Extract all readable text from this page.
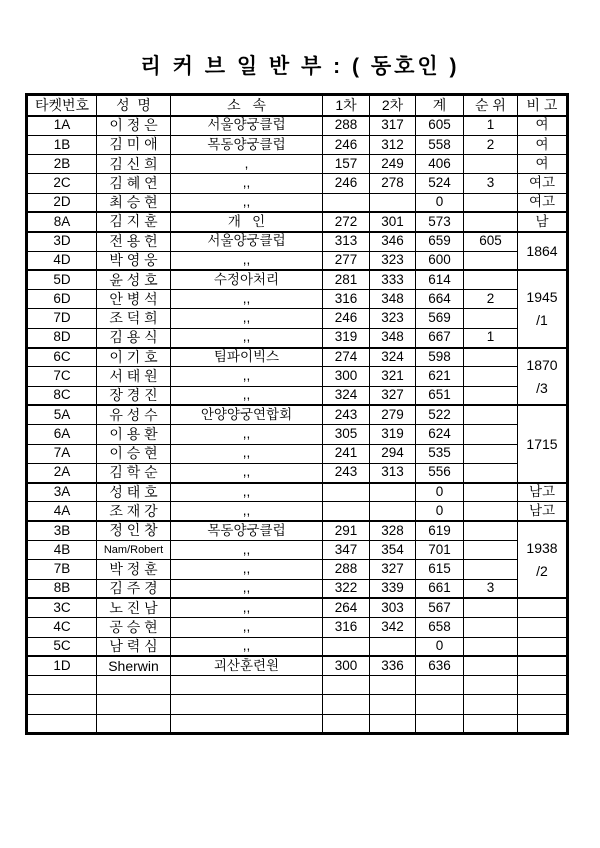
리 커 브 일 반 부 : ( 동호인 )
타켓번호	성  명	소   속	1차	2차	계	순 위	비 고
1A	이 정 은	서울양궁클럽	288	317	605	1	여
1B	김 미 애	목동양궁클럽	246	312	558	2	여
2B	김 신 희	,	157	249	406		여
2C	김 혜 연	,,	246	278	524	3	여고
2D	최 승 현	,,			0		여고
8A	김 지 훈	개   인	272	301	573		남
3D	전 용 헌	서울양궁클럽	313	346	659	605	1864

4D	박 영 웅	,,	277	323	600		
5D	윤 성 호	수정아처리	281	333	614		1945
/1

6D	안 병 석	,,	316	348	664	2	
7D	조 덕 희	,,	246	323	569		
8D	김 용 식	,,	319	348	667	1	
6C	이 기 호	팀파이빅스	274	324	598		1870
/3

7C	서 태 원	,,	300	321	621		
8C	장 경 진	,,	324	327	651		
5A	유 성 수	안양양궁연합회	243	279	522		1715

6A	이 용 환	,,	305	319	624		
7A	이 승 현	,,	241	294	535		
2A	김 학 순	,,	243	313	556		
3A	성 태 호	,,			0		남고
4A	조 재 강	,,			0		남고
3B	정 인 창	목동양궁클럽	291	328	619		1938
/2

4B	Nam/Robert	,,	347	354	701		
7B	박 정 훈	,,	288	327	615		
8B	김 주 경	,,	322	339	661	3	
3C	노 진 남	,,	264	303	567		
4C	공 승 현	,,	316	342	658		
5C	남 력 심	,,			0		
1D	Sherwin	괴산훈련원	300	336	636		
